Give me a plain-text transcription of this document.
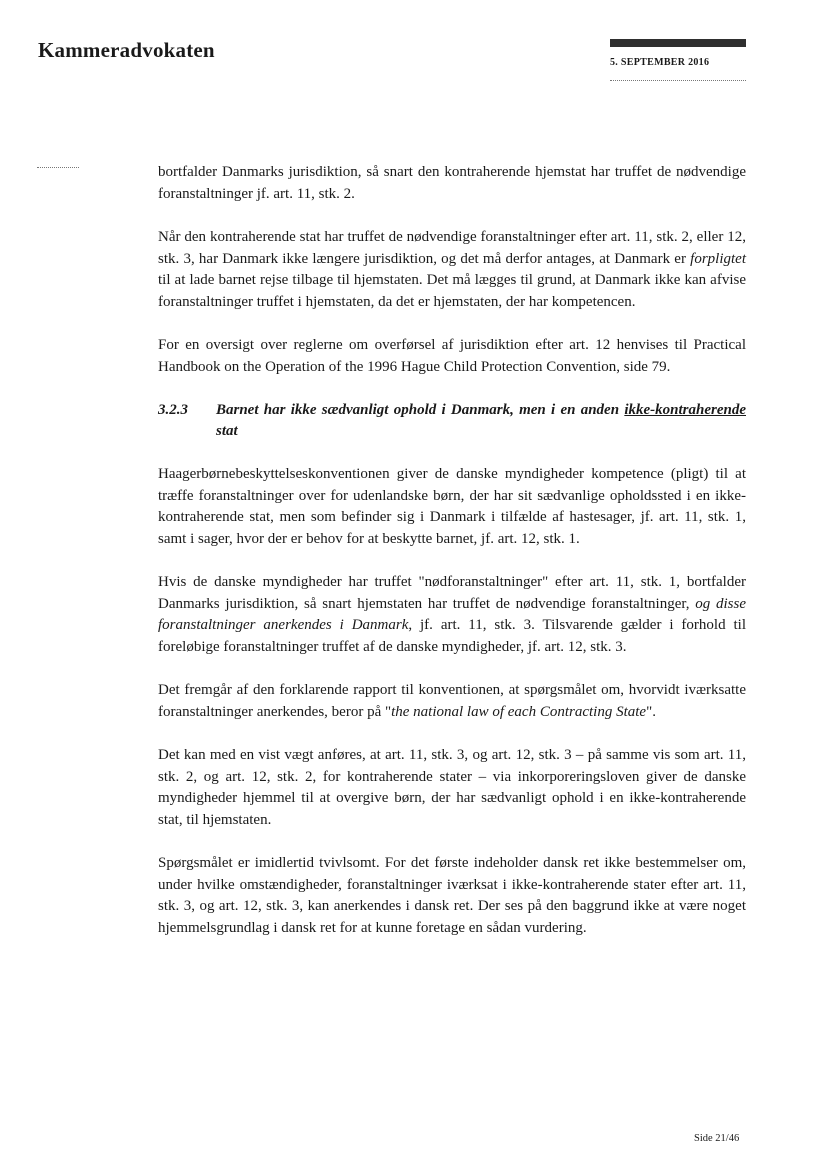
Kammeradvokaten
5. SEPTEMBER 2016

bortfalder Danmarks jurisdiktion, så snart den kontraherende hjemstat har truffet de nødvendige foranstaltninger jf. art. 11, stk. 2.

Når den kontraherende stat har truffet de nødvendige foranstaltninger efter art. 11, stk. 2, eller 12, stk. 3, har Danmark ikke længere jurisdiktion, og det må derfor antages, at Danmark er forpligtet til at lade barnet rejse tilbage til hjemstaten. Det må lægges til grund, at Danmark ikke kan afvise foranstaltninger truffet i hjemstaten, da det er hjemstaten, der har kompetencen.

For en oversigt over reglerne om overførsel af jurisdiktion efter art. 12 henvises til Practical Handbook on the Operation of the 1996 Hague Child Protection Convention, side 79.

3.2.3	Barnet har ikke sædvanligt ophold i Danmark, men i en anden ikke-kontraherende stat

Haagerbørnebeskyttelseskonventionen giver de danske myndigheder kompetence (pligt) til at træffe foranstaltninger over for udenlandske børn, der har sit sædvanlige opholdssted i en ikke-kontraherende stat, men som befinder sig i Danmark i tilfælde af hastesager, jf. art. 11, stk. 1, samt i sager, hvor der er behov for at beskytte barnet, jf. art. 12, stk. 1.

Hvis de danske myndigheder har truffet "nødforanstaltninger" efter art. 11, stk. 1, bortfalder Danmarks jurisdiktion, så snart hjemstaten har truffet de nødvendige foranstaltninger, og disse foranstaltninger anerkendes i Danmark, jf. art. 11, stk. 3. Tilsvarende gælder i forhold til foreløbige foranstaltninger truffet af de danske myndigheder, jf. art. 12, stk. 3.

Det fremgår af den forklarende rapport til konventionen, at spørgsmålet om, hvorvidt iværksatte foranstaltninger anerkendes, beror på "the national law of each Contracting State".

Det kan med en vist vægt anføres, at art. 11, stk. 3, og art. 12, stk. 3 – på samme vis som art. 11, stk. 2, og art. 12, stk. 2, for kontraherende stater – via inkorporeringsloven giver de danske myndigheder hjemmel til at overgive børn, der har sædvanligt ophold i en ikke-kontraherende stat, til hjemstaten.

Spørgsmålet er imidlertid tvivlsomt. For det første indeholder dansk ret ikke bestemmelser om, under hvilke omstændigheder, foranstaltninger iværksat i ikke-kontraherende stater efter art. 11, stk. 3, og art. 12, stk. 3, kan anerkendes i dansk ret. Der ses på den baggrund ikke at være noget hjemmelsgrundlag i dansk ret for at kunne foretage en sådan vurdering.

Side 21/46
